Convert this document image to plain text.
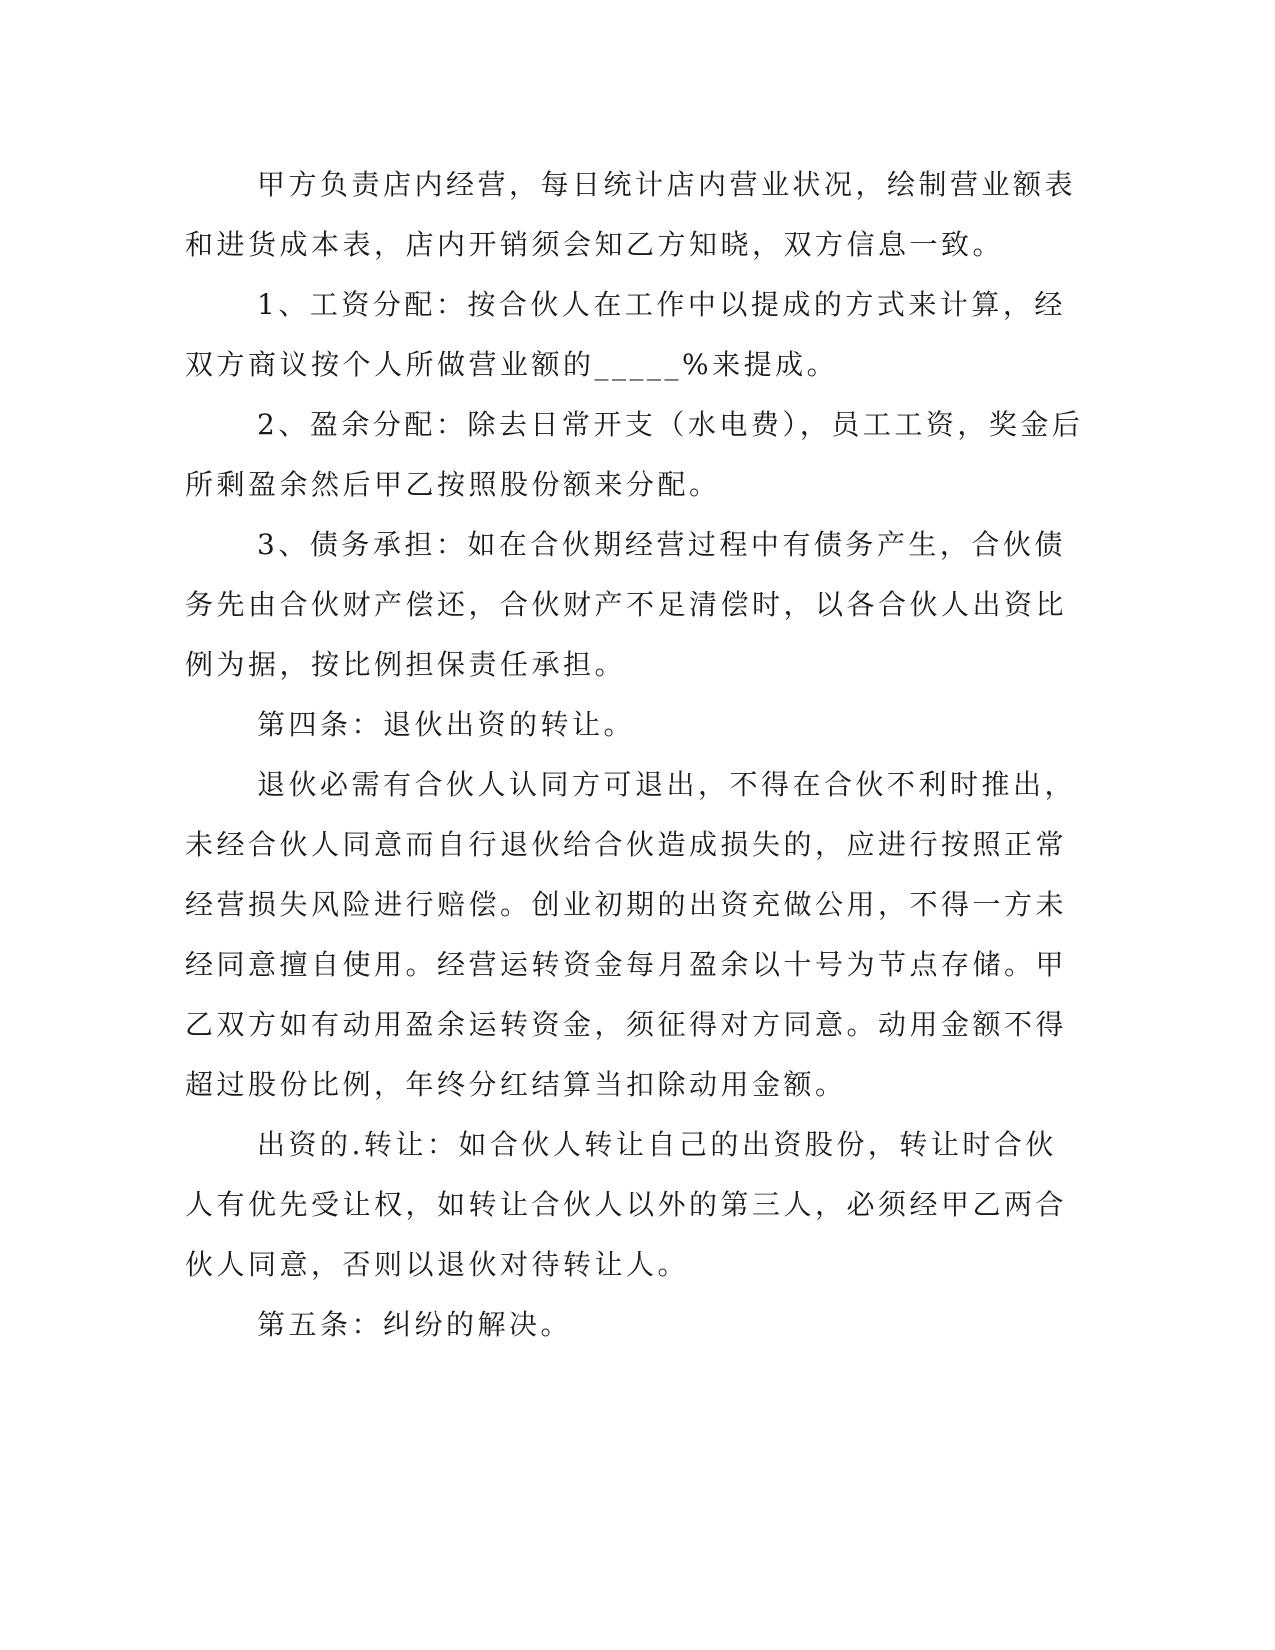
甲方负责店内经营，每日统计店内营业状况，绘制营业额表和进货成本表，店内开销须会知乙方知晓，双方信息一致。

1、工资分配：按合伙人在工作中以提成的方式来计算，经双方商议按个人所做营业额的_____%来提成。

2、盈余分配：除去日常开支（水电费），员工工资，奖金后所剩盈余然后甲乙按照股份额来分配。

3、债务承担：如在合伙期经营过程中有债务产生，合伙债务先由合伙财产偿还，合伙财产不足清偿时，以各合伙人出资比例为据，按比例担保责任承担。

第四条：退伙出资的转让。

退伙必需有合伙人认同方可退出，不得在合伙不利时推出，未经合伙人同意而自行退伙给合伙造成损失的，应进行按照正常经营损失风险进行赔偿。创业初期的出资充做公用，不得一方未经同意擅自使用。经营运转资金每月盈余以十号为节点存储。甲乙双方如有动用盈余运转资金，须征得对方同意。动用金额不得超过股份比例，年终分红结算当扣除动用金额。

出资的.转让：如合伙人转让自己的出资股份，转让时合伙人有优先受让权，如转让合伙人以外的第三人，必须经甲乙两合伙人同意，否则以退伙对待转让人。

第五条：纠纷的解决。
